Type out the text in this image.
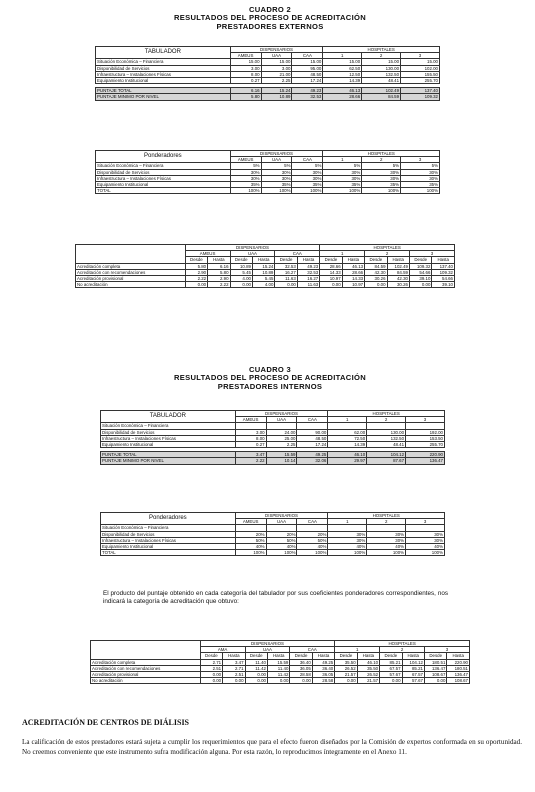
CUADRO 2
RESULTADOS DEL PROCESO DE ACREDITACIÓN
PRESTADORES EXTERNOS
TABULADOR	DISPENSARIOS			HOSPITALES		
	AMEUS	UAA	CAA	1	2	3
Situación Económica – Financiera	15.00	15.00	15.00	15.00	15.00	15.00
Disponibilidad de Servicios	3.00	3.00	95.00	62.50	130.00	102.00
Infraestructura – Instalaciones Físicas	8.00	21.00	48.50	12.50	132.50	155.50
Equipamiento Institucional	0.27	2.25	17.24	14.39	48.41	255.70

PUNTAJE TOTAL	6.16	15.24	49.23	46.13	102.49	137.40
PUNTAJE MINIMO POR NIVEL	5.80	10.89	32.53	28.66	84.59	109.32
Ponderadores	DISPENSARIOS			HOSPITALES		
	AMEUS	UAA	CAA	1	2	3
Situación Económica – Financiera	5%	5%	5%	5%	5%	5%
Disponibilidad de Servicios	30%	30%	30%	30%	30%	30%
Infraestructura – Instalaciones Físicas	30%	30%	30%	30%	30%	30%
Equipamiento Institucional	35%	35%	35%	35%	35%	35%
TOTAL	100%	100%	100%	100%	100%	100%
	DISPENSARIOS						HOSPITALES					
	AMEUS		UAA		CAA		1		2		3	
	Desde	Hasta	Desde	Hasta	Desde	Hasta	Desde	Hasta	Desde	Hasta	Desde	Hasta
Acreditación completa	5.80	6.16	10.89	15.24	32.53	49.23	28.66	46.13	84.59	102.49	109.32	137.40
Acreditación con recomendaciones	2.90	5.80	5.45	10.89	16.27	32.53	14.33	28.66	42.30	84.59	54.66	109.32
Acreditación provisional	2.22	2.90	4.00	5.45	11.63	16.27	10.97	14.33	30.26	42.30	39.10	54.66
No acreditación	0.00	2.22	0.00	4.00	0.00	11.63	0.00	10.97	0.00	30.26	0.00	39.10
CUADRO 3
RESULTADOS DEL PROCESO DE ACREDITACIÓN
PRESTADORES INTERNOS
TABULADOR	DISPENSARIOS			HOSPITALES		
	AMEUS	UAA	CAA	1	2	3
Situación Económica – Financiera						
Disponibilidad de Servicios	3.00	24.00	90.00	62.00	130.00	192.00
Infraestructura – Instalaciones Físicas	8.00	25.00	48.50	72.50	132.50	153.50
Equipamiento Institucional	0.27	2.25	17.24	14.39	48.41	255.70

PUNTAJE TOTAL	3.47	15.59	49.25	46.10	104.12	220.90
PUNTAJE MINIMO POR NIVEL	2.22	10.14	32.06	29.97	87.67	136.47
Ponderadores	DISPENSARIOS			HOSPITALES		
	AMEUS	UAA	CAA	1	2	3
Situación Económica – Financiera						
Disponibilidad de Servicios	20%	20%	20%	30%	30%	30%
Infraestructura – Instalaciones Físicas	50%	50%	50%	30%	30%	30%
Equipamiento Institucional	40%	40%	40%	40%	40%	40%
TOTAL	100%	100%	100%	100%	100%	100%
El producto del puntaje obtenido en cada categoría del tabulador por sus coeficientes ponderadores correspondientes, nos indicará la categoría de acreditación que obtuvo:
	DISPENSARIOS						HOSPITALES					
	AMA		UAA		CAA		1		2		3	
	Desde	Hasta	Desde	Hasta	Desde	Hasta	Desde	Hasta	Desde	Hasta	Desde	Hasta
Acreditación completa	2.71	3.47	11.40	15.59	36.40	49.25	35.50	46.10	85.21	104.12	180.51	220.90
Acreditación con recomendaciones	2.51	2.71	11.42	11.40	36.05	36.40	26.52	35.50	67.57	85.21	136.47	180.51
Acreditación provisional	0.00	2.51	0.00	11.42	28.58	36.05	21.57	26.52	57.67	67.57	108.67	136.47
No acreditación	0.00	0.00	0.00	0.00	0.00	28.58	0.00	21.57	0.00	57.67	0.00	108.67
ACREDITACIÓN DE CENTROS DE DIÁLISIS
La calificación de estos prestadores estará sujeta a cumplir los requerimientos que para el efecto fueron diseñados por la Comisión de expertos conformada en su oportunidad. No creemos conveniente que este instrumento sufra modificación alguna. Por esta razón, lo reproducimos íntegramente en el Anexo 11.
